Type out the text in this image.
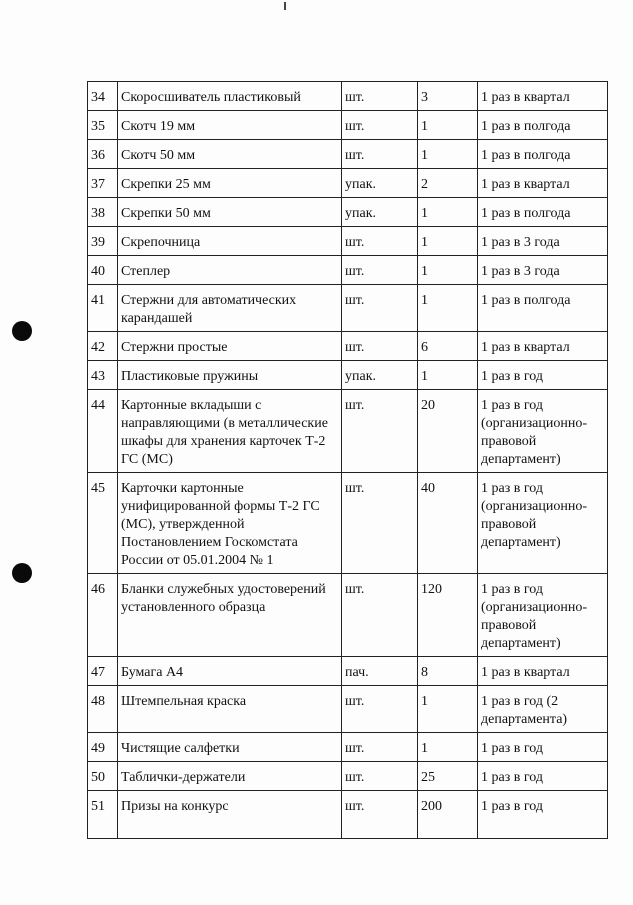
34	Скоросшиватель пластиковый	шт.	3	1 раз в квартал
35	Скотч 19 мм	шт.	1	1 раз в полгода
36	Скотч 50 мм	шт.	1	1 раз в полгода
37	Скрепки 25 мм	упак.	2	1 раз в квартал
38	Скрепки 50 мм	упак.	1	1 раз в полгода
39	Скрепочница	шт.	1	1 раз в 3 года
40	Степлер	шт.	1	1 раз в 3 года
41	Стержни для автоматических карандашей	шт.	1	1 раз в полгода
42	Стержни простые	шт.	6	1 раз в квартал
43	Пластиковые пружины	упак.	1	1 раз в год
44	Картонные вкладыши с направляющими (в металлические шкафы для хранения карточек Т-2 ГС (МС)	шт.	20	1 раз в год (организационно-правовой департамент)
45	Карточки картонные унифицированной формы Т-2 ГС (МС), утвержденной Постановлением Госкомстата России от 05.01.2004 № 1	шт.	40	1 раз в год (организационно-правовой департамент)
46	Бланки служебных удостоверений установленного образца	шт.	120	1 раз в год (организационно-правовой департамент)
47	Бумага А4	пач.	8	1 раз в квартал
48	Штемпельная краска	шт.	1	1 раз в год (2 департамента)
49	Чистящие салфетки	шт.	1	1 раз в год
50	Таблички-держатели	шт.	25	1 раз в год
51	Призы на конкурс	шт.	200	1 раз в год
